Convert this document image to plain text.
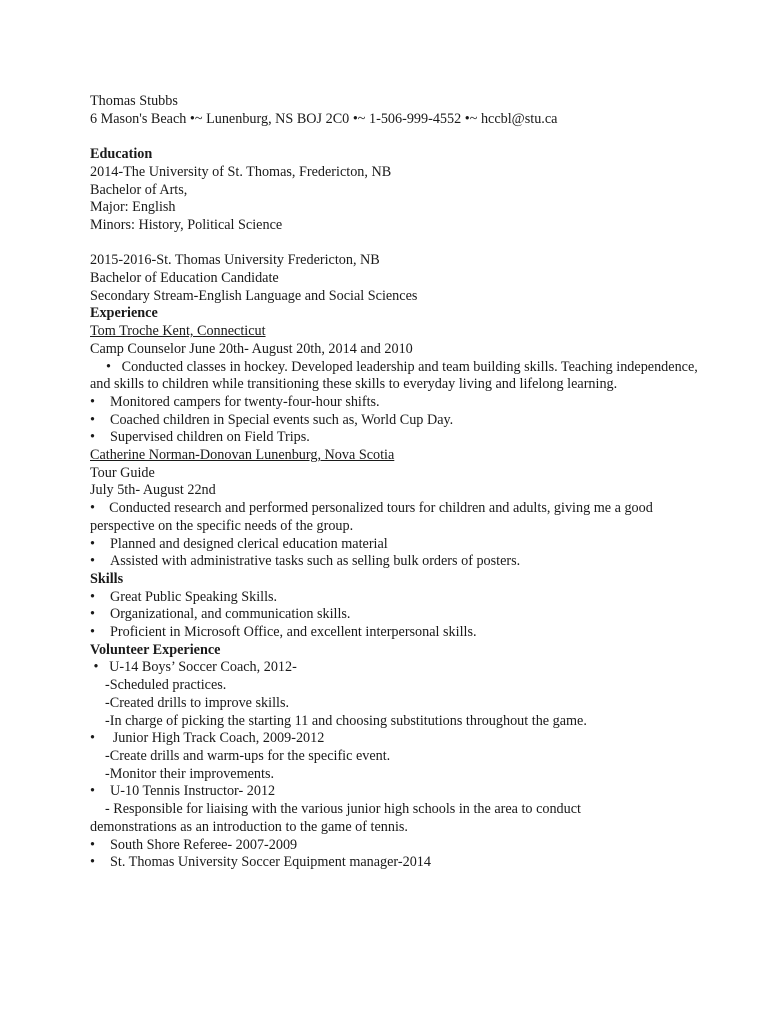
Thomas Stubbs
6 Mason's Beach •~ Lunenburg, NS BOJ 2C0 •~ 1-506-999-4552 •~ hccbl@stu.ca
Education
2014-The University of St. Thomas, Fredericton, NB
Bachelor of Arts,
Major: English
Minors: History, Political Science
2015-2016-St. Thomas University Fredericton, NB
Bachelor of Education Candidate
Secondary Stream-English Language and Social Sciences
Experience
Tom Troche Kent, Connecticut
Camp Counselor June 20th- August 20th, 2014 and 2010
•   Conducted classes in hockey. Developed leadership and team building skills. Teaching independence, and skills to children while transitioning these skills to everyday living and lifelong learning.
• Monitored campers for twenty-four-hour shifts.
• Coached children in Special events such as, World Cup Day.
• Supervised children on Field Trips.
Catherine Norman-Donovan Lunenburg, Nova Scotia
Tour Guide
July 5th- August 22nd
•    Conducted research and performed personalized tours for children and adults, giving me a good perspective on the specific needs of the group.
• Planned and designed clerical education material
• Assisted with administrative tasks such as selling bulk orders of posters.
Skills
• Great Public Speaking Skills.
• Organizational, and communication skills.
• Proficient in Microsoft Office, and excellent interpersonal skills.
Volunteer Experience
•   U-14 Boys’ Soccer Coach, 2012-
-Scheduled practices.
-Created drills to improve skills.
-In charge of picking the starting 11 and choosing substitutions throughout the game.
•     Junior High Track Coach, 2009-2012
-Create drills and warm-ups for the specific event.
-Monitor their improvements.
• U-10 Tennis Instructor- 2012
- Responsible for liaising with the various junior high schools in the area to conduct
demonstrations as an introduction to the game of tennis.
• South Shore Referee- 2007-2009
• St. Thomas University Soccer Equipment manager-2014
